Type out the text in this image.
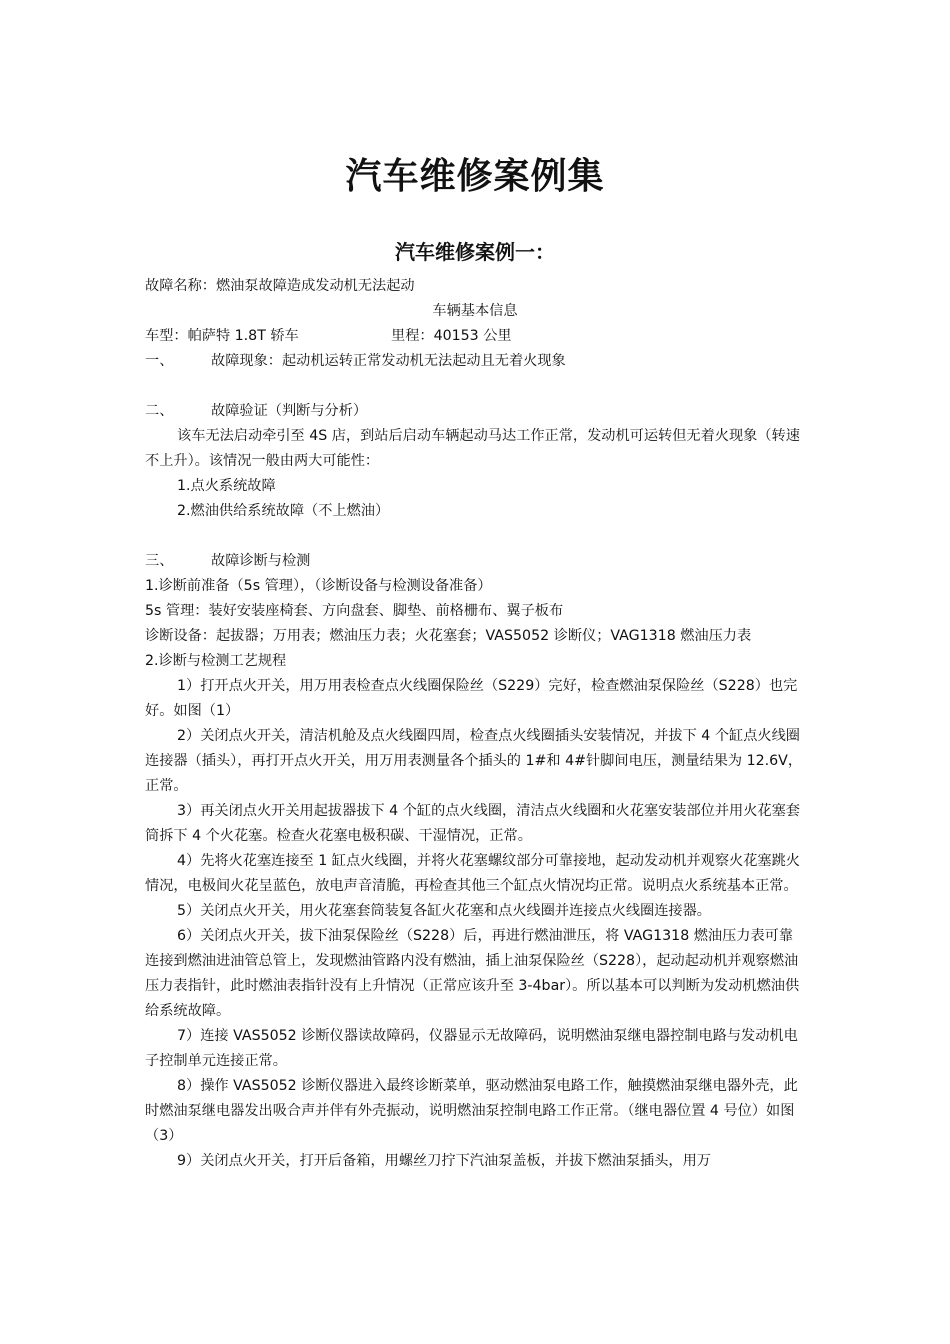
汽车维修案例集
汽车维修案例一：

故障名称：燃油泵故障造成发动机无法起动

车辆基本信息

车型：帕萨特 1.8T 轿车	里程：40153 公里

一、	故障现象：起动机运转正常发动机无法起动且无着火现象

二、	故障验证（判断与分析）

该车无法启动牵引至 4S 店，到站后启动车辆起动马达工作正常，发动机可运转但无着火现象（转速不上升）。该情况一般由两大可能性：

1.点火系统故障

2.燃油供给系统故障（不上燃油）

三、	故障诊断与检测

1.诊断前准备（5s 管理），（诊断设备与检测设备准备）

5s 管理：装好安装座椅套、方向盘套、脚垫、前格栅布、翼子板布

诊断设备：起拔器；万用表；燃油压力表；火花塞套；VAS5052 诊断仪；VAG1318 燃油压力表

2.诊断与检测工艺规程

1）打开点火开关，用万用表检查点火线圈保险丝（S229）完好，检查燃油泵保险丝（S228）也完好。如图（1）

2）关闭点火开关，清洁机舱及点火线圈四周，检查点火线圈插头安装情况，并拔下 4 个缸点火线圈连接器（插头），再打开点火开关，用万用表测量各个插头的 1#和 4#针脚间电压，测量结果为 12.6V，正常。

3）再关闭点火开关用起拔器拔下 4 个缸的点火线圈，清洁点火线圈和火花塞安装部位并用火花塞套筒拆下 4 个火花塞。检查火花塞电极积碳、干湿情况，正常。

4）先将火花塞连接至 1 缸点火线圈，并将火花塞螺纹部分可靠接地，起动发动机并观察火花塞跳火情况，电极间火花呈蓝色，放电声音清脆，再检查其他三个缸点火情况均正常。说明点火系统基本正常。

5）关闭点火开关，用火花塞套筒装复各缸火花塞和点火线圈并连接点火线圈连接器。

6）关闭点火开关，拔下油泵保险丝（S228）后，再进行燃油泄压，将 VAG1318 燃油压力表可靠连接到燃油进油管总管上，发现燃油管路内没有燃油，插上油泵保险丝（S228），起动起动机并观察燃油压力表指针，此时燃油表指针没有上升情况（正常应该升至 3-4bar）。所以基本可以判断为发动机燃油供给系统故障。

7）连接 VAS5052 诊断仪器读故障码，仪器显示无故障码，说明燃油泵继电器控制电路与发动机电子控制单元连接正常。

8）操作 VAS5052 诊断仪器进入最终诊断菜单，驱动燃油泵电路工作，触摸燃油泵继电器外壳，此时燃油泵继电器发出吸合声并伴有外壳振动，说明燃油泵控制电路工作正常。（继电器位置 4 号位）如图（3）

9）关闭点火开关，打开后备箱，用螺丝刀拧下汽油泵盖板，并拔下燃油泵插头，用万
